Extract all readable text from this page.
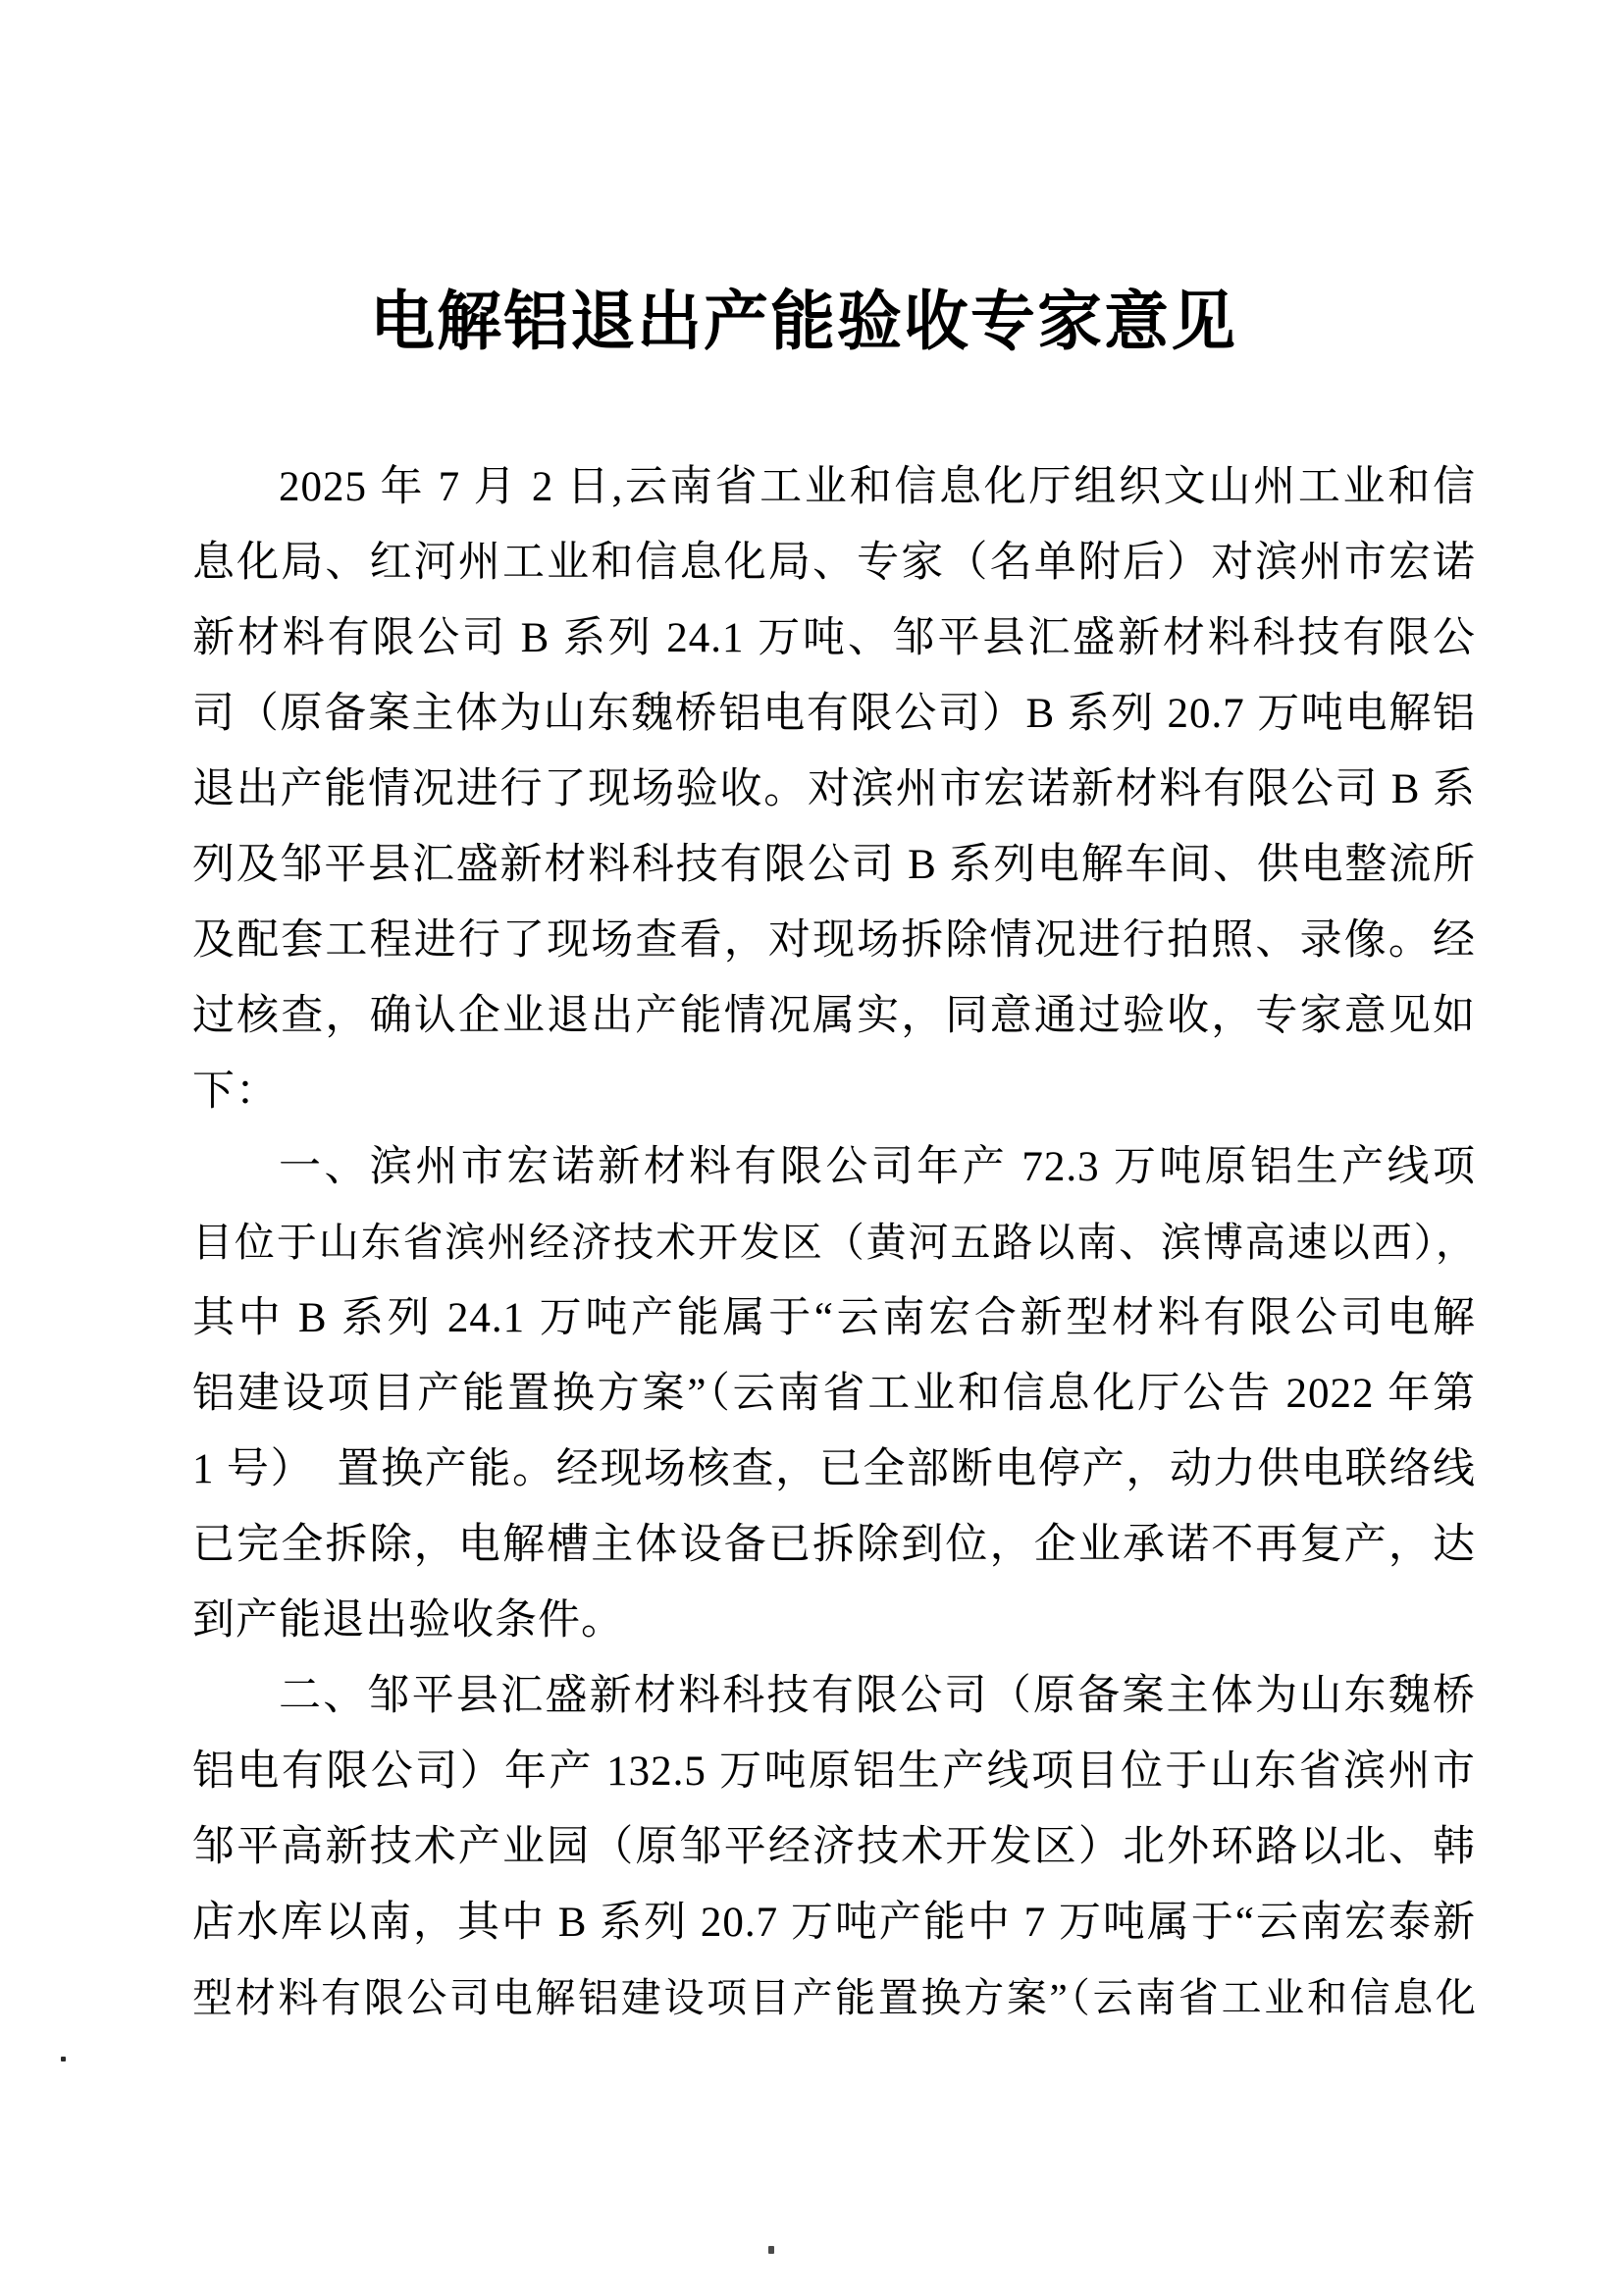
电解铝退出产能验收专家意见
2025 年 7 月 2 日,云南省工业和信息化厅组织文山州工业和信
息化局、红河州工业和信息化局、专家（名单附后）对滨州市宏诺
新材料有限公司 B 系列 24.1 万吨、邹平县汇盛新材料科技有限公
司（原备案主体为山东魏桥铝电有限公司）B 系列 20.7 万吨电解铝
退出产能情况进行了现场验收。对滨州市宏诺新材料有限公司 B 系
列及邹平县汇盛新材料科技有限公司 B 系列电解车间、供电整流所
及配套工程进行了现场查看，对现场拆除情况进行拍照、录像。经
过核查，确认企业退出产能情况属实，同意通过验收，专家意见如
下：
一、滨州市宏诺新材料有限公司年产 72.3 万吨原铝生产线项
目位于山东省滨州经济技术开发区（黄河五路以南、滨博高速以西），
其中 B 系列 24.1 万吨产能属于“云南宏合新型材料有限公司电解
铝建设项目产能置换方案”（云南省工业和信息化厅公告 2022 年第
1 号）　置换产能。经现场核查，已全部断电停产，动力供电联络线
已完全拆除，电解槽主体设备已拆除到位，企业承诺不再复产，达
到产能退出验收条件。
二、邹平县汇盛新材料科技有限公司（原备案主体为山东魏桥
铝电有限公司）年产 132.5 万吨原铝生产线项目位于山东省滨州市
邹平高新技术产业园（原邹平经济技术开发区）北外环路以北、韩
店水库以南，其中 B 系列 20.7 万吨产能中 7 万吨属于“云南宏泰新
型材料有限公司电解铝建设项目产能置换方案”（云南省工业和信息化
